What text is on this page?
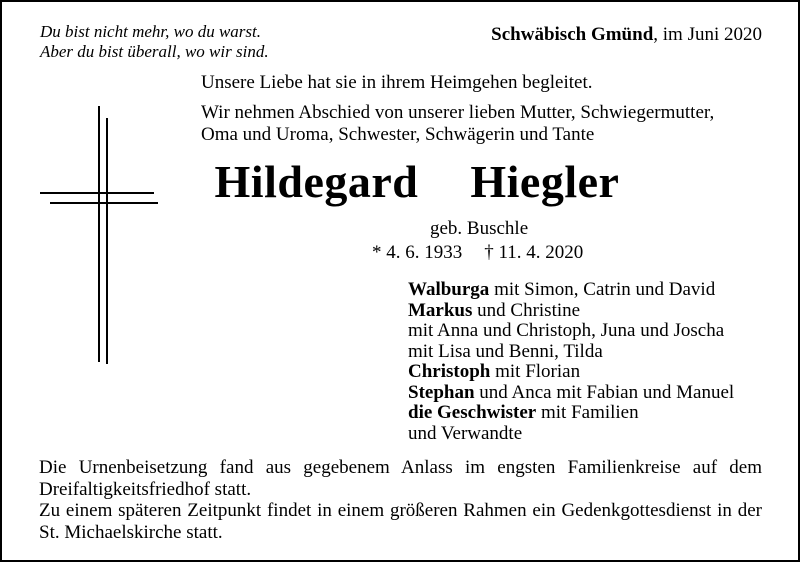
Du bist nicht mehr, wo du warst.
Aber du bist überall, wo wir sind.
Schwäbisch Gmünd, im Juni 2020
Unsere Liebe hat sie in ihrem Heimgehen begleitet.
Wir nehmen Abschied von unserer lieben Mutter, Schwiegermutter,
Oma und Uroma, Schwester, Schwägerin und Tante
Hildegard  Hiegler
geb. Buschle
* 4. 6. 1933 † 11. 4. 2020
Walburga mit Simon, Catrin und David
Markus und Christine
mit Anna und Christoph, Juna und Joscha
mit Lisa und Benni, Tilda
Christoph mit Florian
Stephan und Anca mit Fabian und Manuel
die Geschwister mit Familien
und Verwandte
Die Urnenbeisetzung fand aus gegebenem Anlass im engsten Familienkreise auf dem Dreifaltigkeitsfriedhof statt.
Zu einem späteren Zeitpunkt findet in einem größeren Rahmen ein Gedenkgottesdienst in der St. Michaelskirche statt.
